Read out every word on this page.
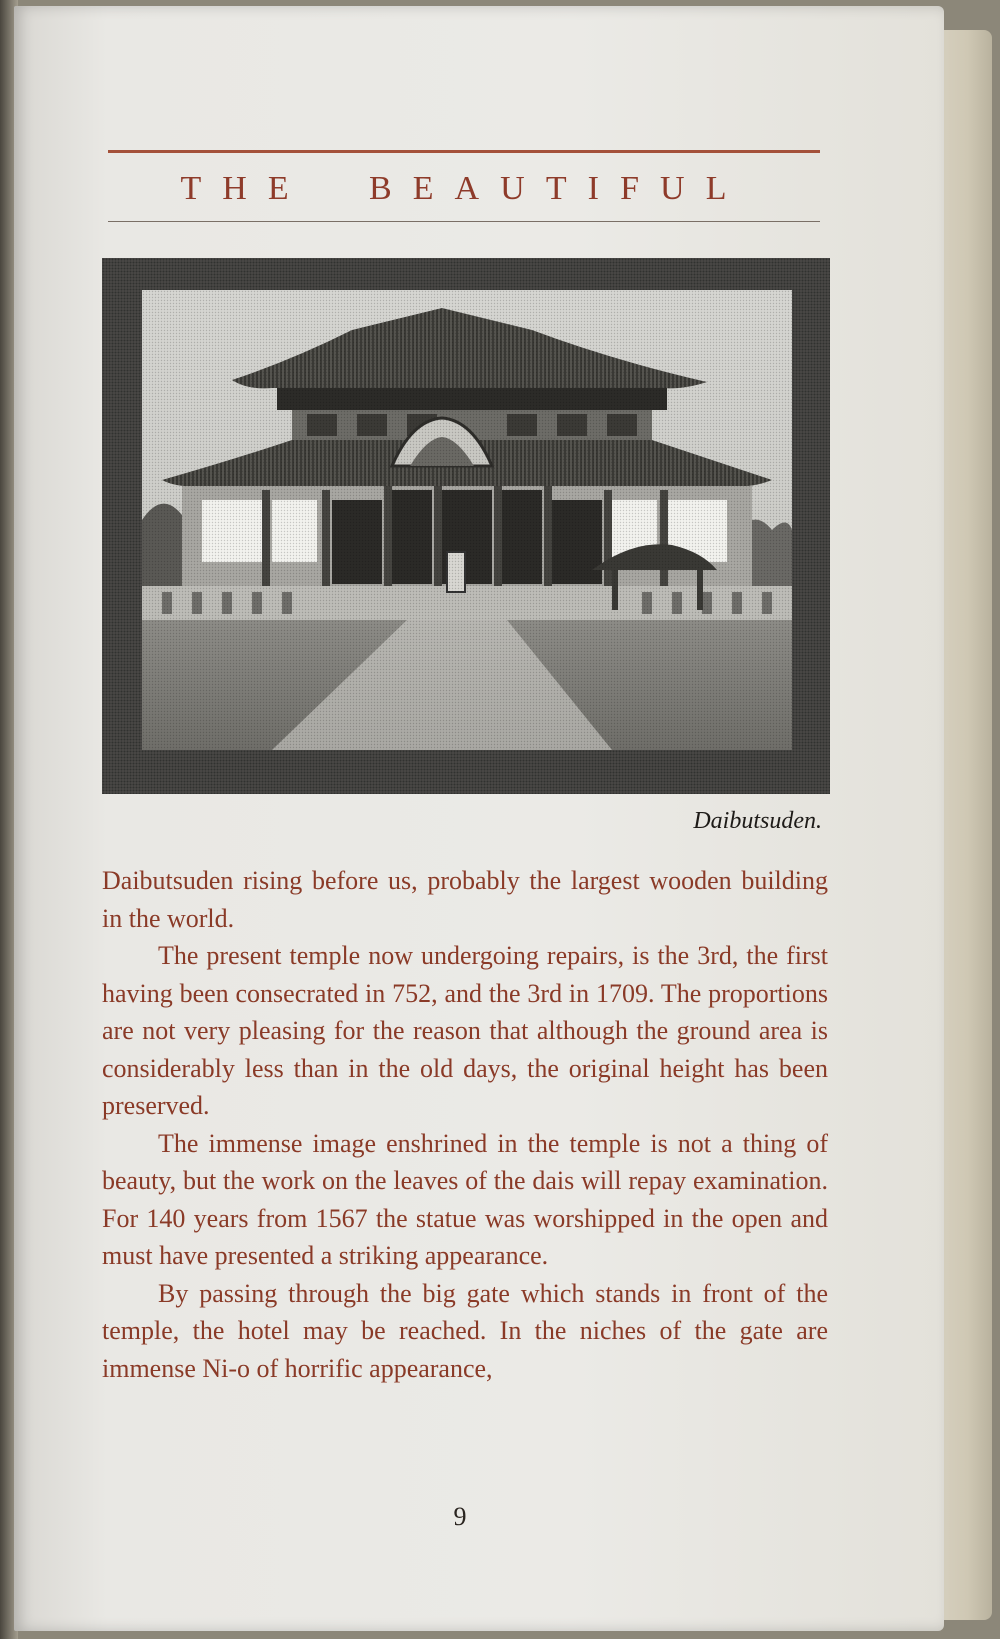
THE  BEAUTIFUL
Daibutsuden.

Daibutsuden rising before us, probably the largest wooden building in the world.

The present temple now undergoing repairs, is the 3rd, the first having been consecrated in 752, and the 3rd in 1709. The proportions are not very pleasing for the reason that although the ground area is considerably less than in the old days, the original height has been preserved.

The immense image enshrined in the temple is not a thing of beauty, but the work on the leaves of the dais will repay examination. For 140 years from 1567 the statue was worshipped in the open and must have presented a striking appearance.

By passing through the big gate which stands in front of the temple, the hotel may be reached. In the niches of the gate are immense Ni-o of horrific appearance,

9
